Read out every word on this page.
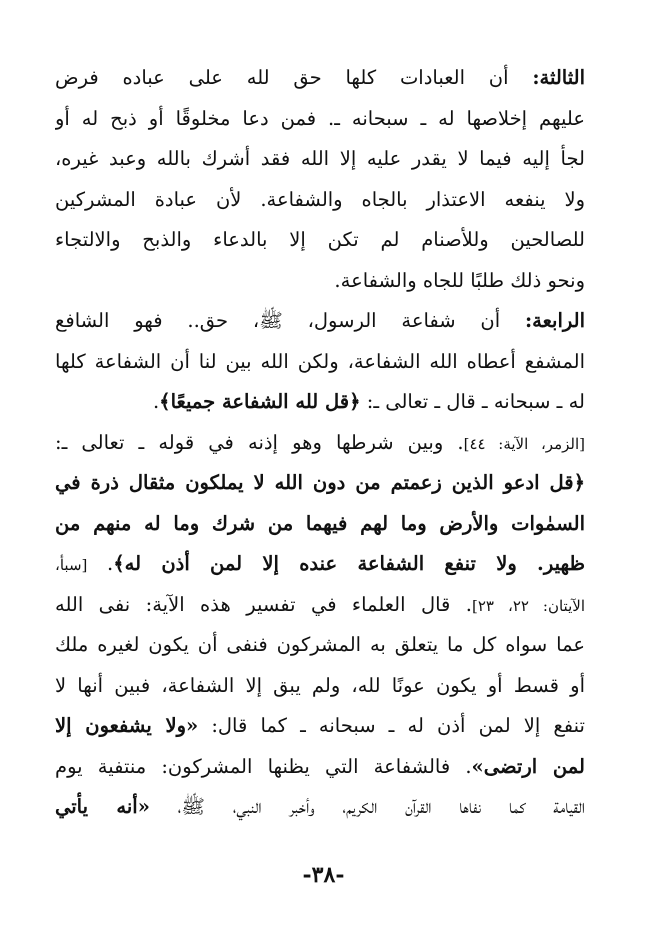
الثالثة: أن العبادات كلها حق لله على عباده فرض
عليهم إخلاصها له ـ سبحانه ـ. فمن دعا مخلوقًا أو ذبح له أو
لجأ إليه فيما لا يقدر عليه إلا الله فقد أشرك بالله وعبد غيره،
ولا ينفعه الاعتذار بالجاه والشفاعة. لأن عبادة المشركين
للصالحين وللأصنام لم تكن إلا بالدعاء والذبح والالتجاء
ونحو ذلك طلبًا للجاه والشفاعة.
الرابعة: أن شفاعة الرسول، ﷺ، حق.. فهو الشافع
المشفع أعطاه الله الشفاعة، ولكن الله بين لنا أن الشفاعة كلها
له ـ سبحانه ـ قال ـ تعالى ـ: ﴿قل لله الشفاعة جميعًا﴾.
[الزمر، الآية: ٤٤]. وبين شرطها وهو إذنه في قوله ـ تعالى ـ:
﴿قل ادعو الذين زعمتم من دون الله لا يملكون مثقال ذرة في
السمٰوات والأرض وما لهم فيهما من شرك وما له منهم من
ظهير. ولا تنفع الشفاعة عنده إلا لمن أذن له﴾. [سبأ،
الآيتان: ٢٢، ٢٣]. قال العلماء في تفسير هذه الآية: نفى الله
عما سواه كل ما يتعلق به المشركون فنفى أن يكون لغيره ملك
أو قسط أو يكون عونًا لله، ولم يبق إلا الشفاعة، فبين أنها لا
تنفع إلا لمن أذن له ـ سبحانه ـ كما قال: «ولا يشفعون إلا
لمن ارتضى». فالشفاعة التي يظنها المشركون: منتفية يوم
القيامة كما نفاها القرآن الكريم، وأخبر النبي، ﷺ، «أنه يأتي
-٣٨-
